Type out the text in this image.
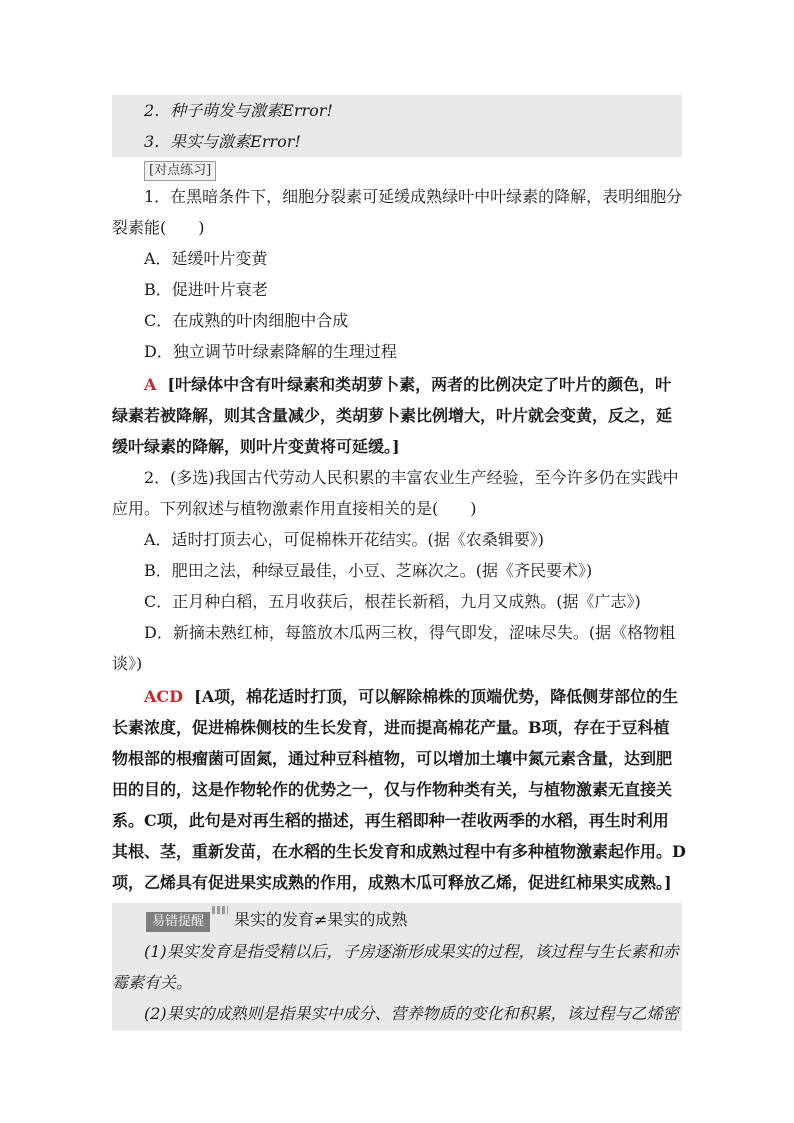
2．种子萌发与激素Error!
3．果实与激素Error!
[对点练习]
1．在黑暗条件下，细胞分裂素可延缓成熟绿叶中叶绿素的降解，表明细胞分
裂素能(　　)
A．延缓叶片变黄
B．促进叶片衰老
C．在成熟的叶肉细胞中合成
D．独立调节叶绿素降解的生理过程
A [叶绿体中含有叶绿素和类胡萝卜素，两者的比例决定了叶片的颜色，叶
绿素若被降解，则其含量减少，类胡萝卜素比例增大，叶片就会变黄，反之，延
缓叶绿素的降解，则叶片变黄将可延缓。]
2．(多选)我国古代劳动人民积累的丰富农业生产经验，至今许多仍在实践中
应用。下列叙述与植物激素作用直接相关的是(　　)
A．适时打顶去心，可促棉株开花结实。(据《农桑辑要》)
B．肥田之法，种绿豆最佳，小豆、芝麻次之。(据《齐民要术》)
C．正月种白稻，五月收获后，根茬长新稻，九月又成熟。(据《广志》)
D．新摘未熟红柿，每篮放木瓜两三枚，得气即发，涩味尽失。(据《格物粗
谈》)
ACD [A项，棉花适时打顶，可以解除棉株的顶端优势，降低侧芽部位的生
长素浓度，促进棉株侧枝的生长发育，进而提高棉花产量。B项，存在于豆科植
物根部的根瘤菌可固氮，通过种豆科植物，可以增加土壤中氮元素含量，达到肥
田的目的，这是作物轮作的优势之一，仅与作物种类有关，与植物激素无直接关
系。C项，此句是对再生稻的描述，再生稻即种一茬收两季的水稻，再生时利用
其根、茎，重新发苗，在水稻的生长发育和成熟过程中有多种植物激素起作用。D
项，乙烯具有促进果实成熟的作用，成熟木瓜可释放乙烯，促进红柿果实成熟。]
易错提醒 果实的发育≠果实的成熟
(1)果实发育是指受精以后，子房逐渐形成果实的过程，该过程与生长素和赤
霉素有关。
(2)果实的成熟则是指果实中成分、营养物质的变化和积累，该过程与乙烯密
